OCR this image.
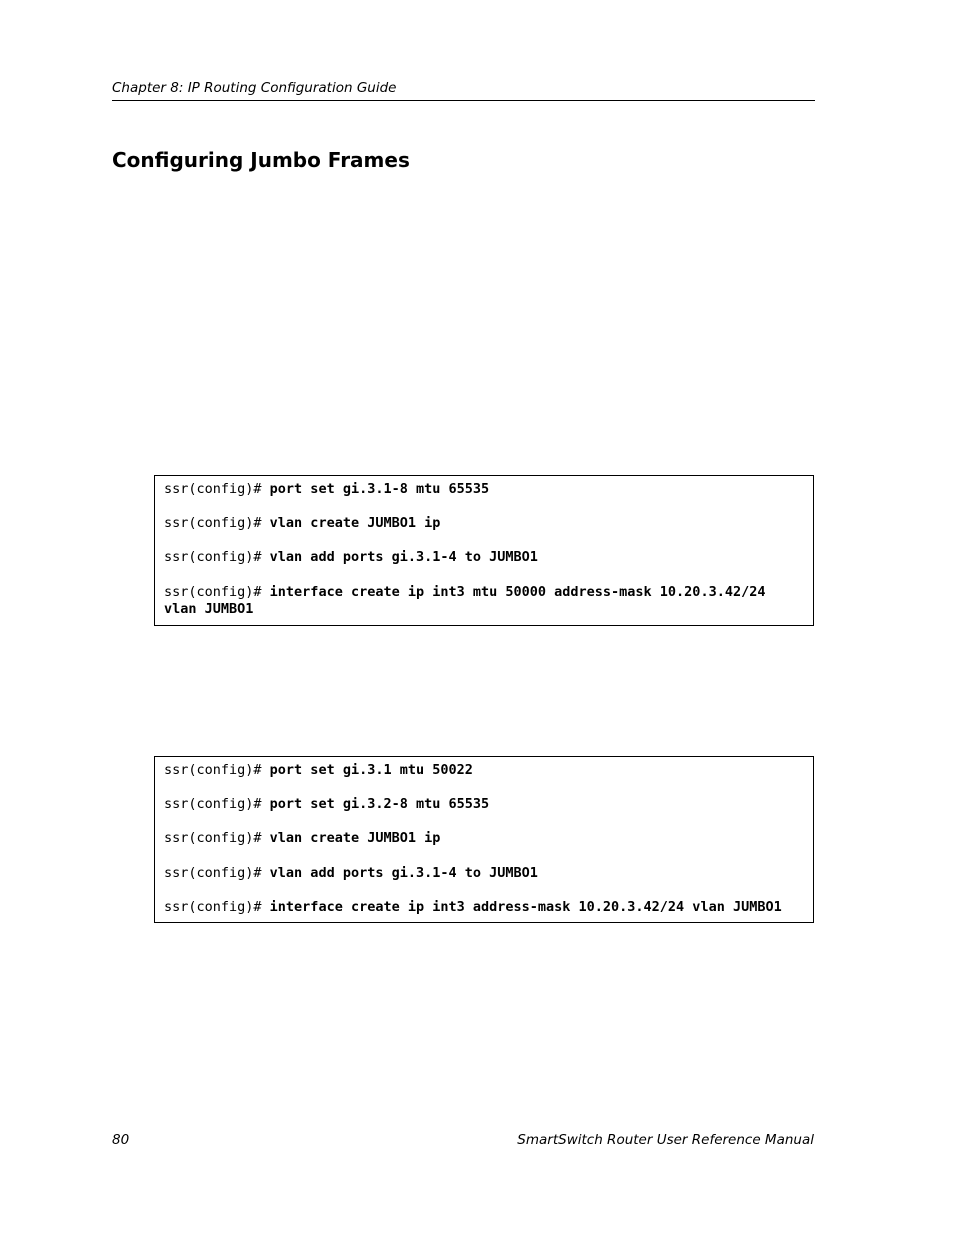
Chapter 8: IP Routing Configuration Guide
Configuring Jumbo Frames
ssr(config)# port set gi.3.1-8 mtu 65535
ssr(config)# vlan create JUMBO1 ip
ssr(config)# vlan add ports gi.3.1-4 to JUMBO1
ssr(config)# interface create ip int3 mtu 50000 address-mask 10.20.3.42/24
vlan JUMBO1
ssr(config)# port set gi.3.1 mtu 50022
ssr(config)# port set gi.3.2-8 mtu 65535
ssr(config)# vlan create JUMBO1 ip
ssr(config)# vlan add ports gi.3.1-4 to JUMBO1
ssr(config)# interface create ip int3 address-mask 10.20.3.42/24 vlan JUMBO1
80	SmartSwitch Router User Reference Manual
